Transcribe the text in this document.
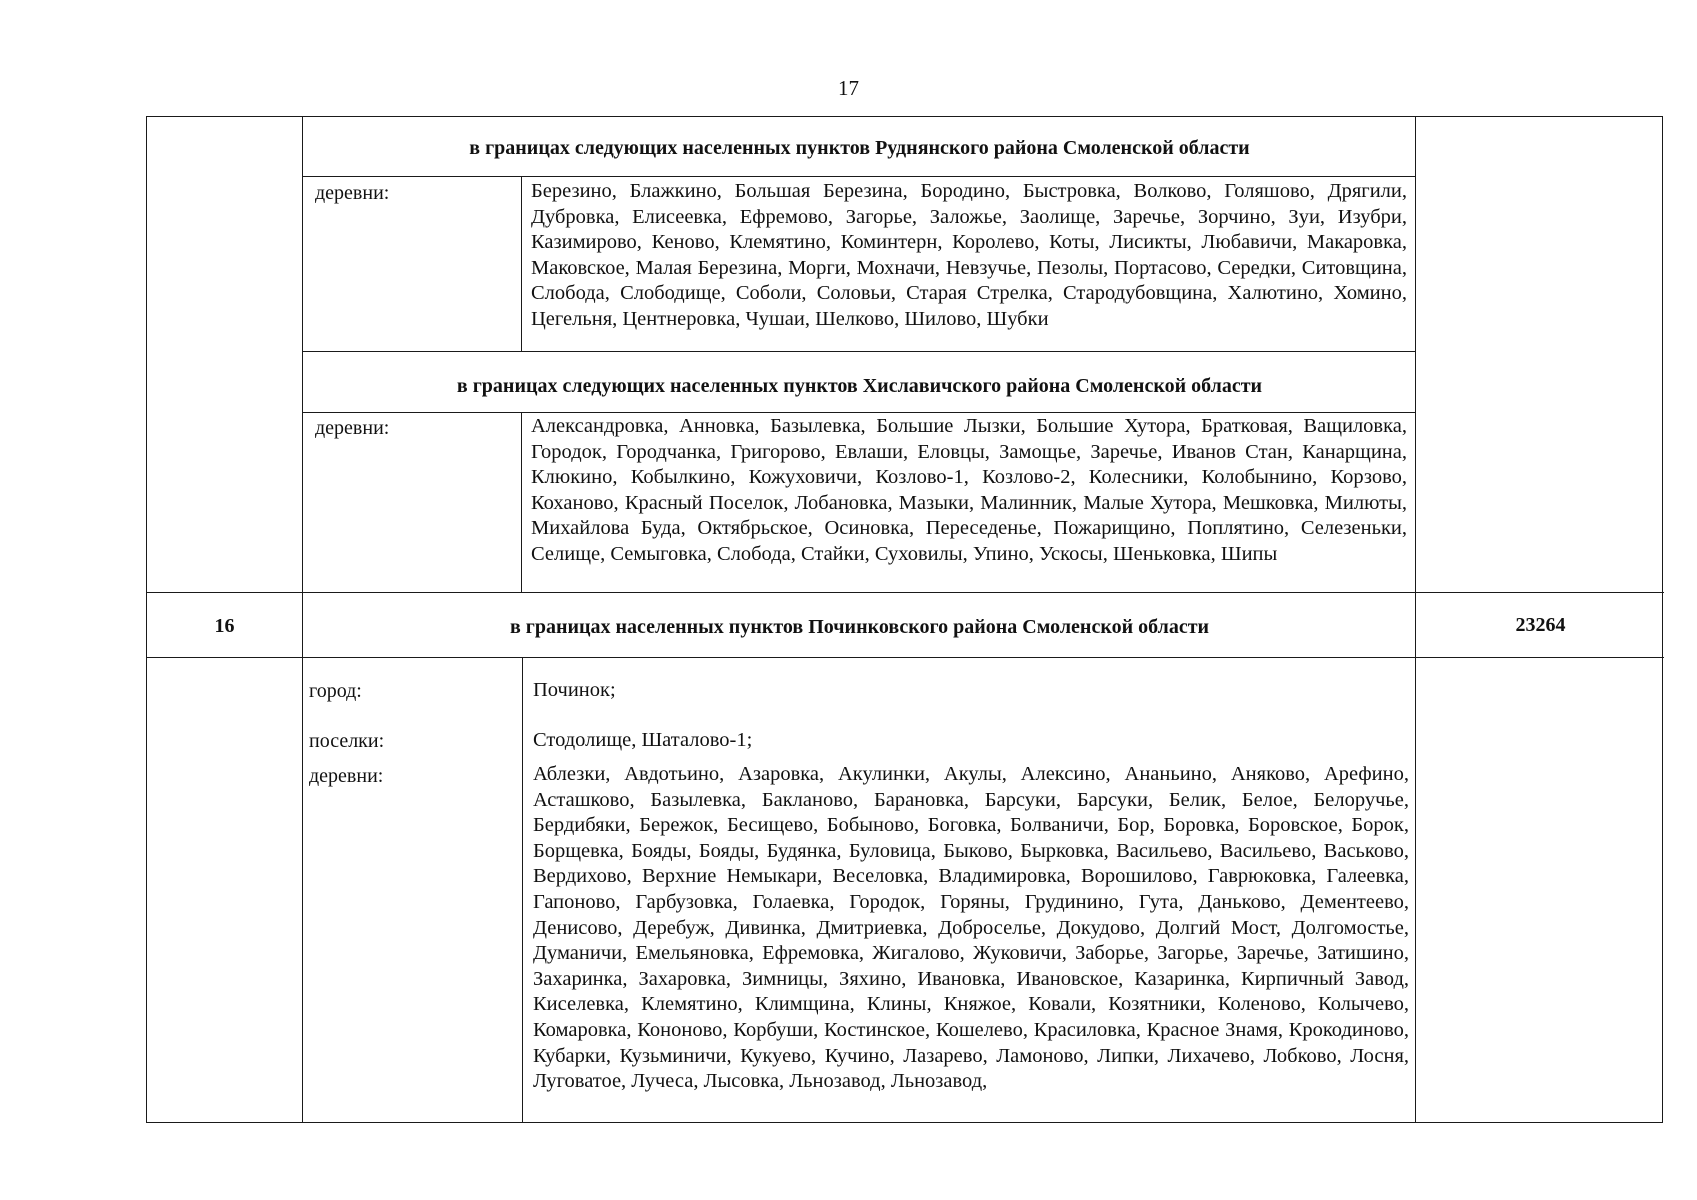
17
в границах следующих населенных пунктов Руднянского района Смоленской области
деревни:	Березино, Блажкино, Большая Березина, Бородино, Быстровка, Волково, Голяшово, Дрягили, Дубровка, Елисеевка, Ефремово, Загорье, Заложье, Заолище, Заречье, Зорчино, Зуи, Изубри, Казимирово, Кеново, Клемятино, Коминтерн, Королево, Коты, Лисикты, Любавичи, Макаровка, Маковское, Малая Березина, Морги, Мохначи, Невзучье, Пезолы, Портасово, Середки, Ситовщина, Слобода, Слободище, Соболи, Соловьи, Старая Стрелка, Стародубовщина, Халютино, Хомино, Цегельня, Центнеровка, Чушаи, Шелково, Шилово, Шубки
в границах следующих населенных пунктов Хиславичского района Смоленской области
деревни:	Александровка, Анновка, Базылевка, Большие Лызки, Большие Хутора, Братковая, Ващиловка, Городок, Городчанка, Григорово, Евлаши, Еловцы, Замощье, Заречье, Иванов Стан, Канарщина, Клюкино, Кобылкино, Кожуховичи, Козлово-1, Козлово-2, Колесники, Колобынино, Корзово, Коханово, Красный Поселок, Лобановка, Мазыки, Малинник, Малые Хутора, Мешковка, Милюты, Михайлова Буда, Октябрьское, Осиновка, Переседенье, Пожарищино, Поплятино, Селезеньки, Селище, Семыговка, Слобода, Стайки, Суховилы, Упино, Ускосы, Шеньковка, Шипы
16	в границах населенных пунктов Починковского района Смоленской области	23264
город:	Починок;
поселки:	Стодолище, Шаталово-1;
деревни:	Аблезки, Авдотьино, Азаровка, Акулинки, Акулы, Алексино, Ананьино, Аняково, Арефино, Асташково, Базылевка, Бакланово, Барановка, Барсуки, Барсуки, Белик, Белое, Белоручье, Бердибяки, Бережок, Бесищево, Бобыново, Боговка, Болваничи, Бор, Боровка, Боровское, Борок, Борщевка, Бояды, Бояды, Будянка, Буловица, Быково, Бырковка, Васильево, Васильево, Васьково, Вердихово, Верхние Немыкари, Веселовка, Владимировка, Ворошилово, Гаврюковка, Галеевка, Гапоново, Гарбузовка, Голаевка, Городок, Горяны, Грудинино, Гута, Даньково, Дементеево, Денисово, Деребуж, Дивинка, Дмитриевка, Доброселье, Докудово, Долгий Мост, Долгомостье, Думаничи, Емельяновка, Ефремовка, Жигалово, Жуковичи, Заборье, Загорье, Заречье, Затишино, Захаринка, Захаровка, Зимницы, Зяхино, Ивановка, Ивановское, Казаринка, Кирпичный Завод, Киселевка, Клемятино, Климщина, Клины, Княжое, Ковали, Козятники, Коленово, Колычево, Комаровка, Кононово, Корбуши, Костинское, Кошелево, Красиловка, Красное Знамя, Крокодиново, Кубарки, Кузьминичи, Кукуево, Кучино, Лазарево, Ламоново, Липки, Лихачево, Лобково, Лосня, Луговатое, Лучеса, Лысовка, Льнозавод, Льнозавод,
